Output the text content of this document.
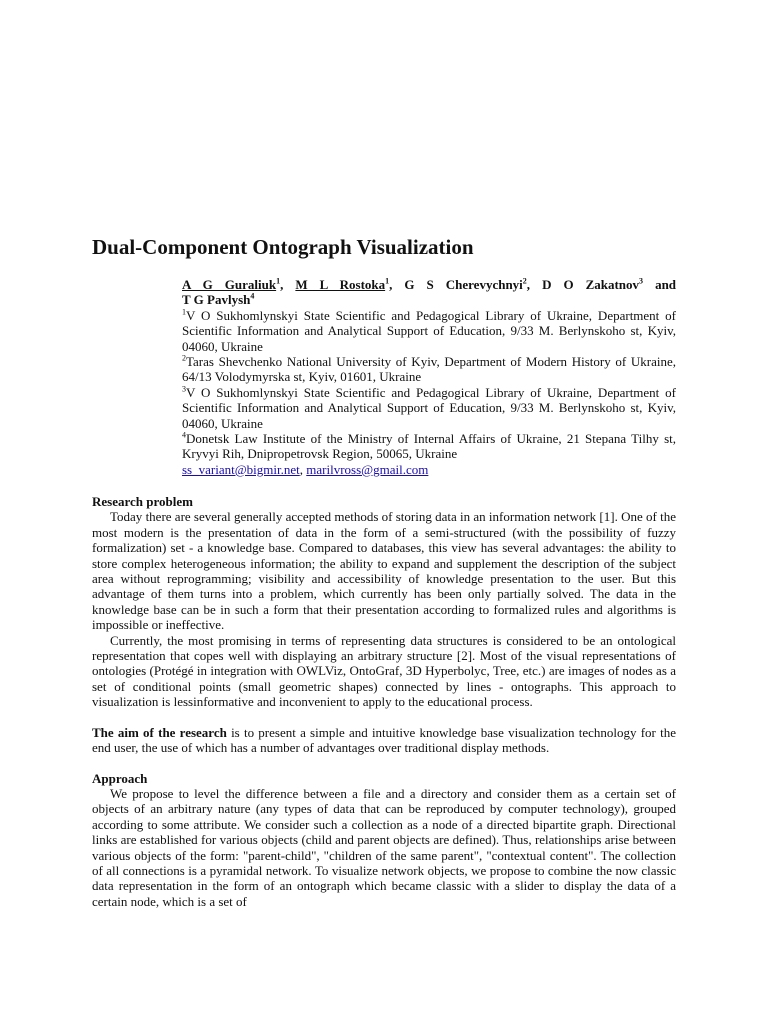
Dual-Component Ontograph Visualization
A G Guraliuk$^1$, M L Rostoka$^1$, G S Cherevychnyi$^2$, D O Zakatnov$^3$ and
T G Pavlysh$^4$
$^1$V O Sukhomlynskyi State Scientific and Pedagogical Library of Ukraine, Department of Scientific Information and Analytical Support of Education, 9/33 M. Berlynskoho st, Kyiv, 04060, Ukraine
$^2$Taras Shevchenko National University of Kyiv, Department of Modern History of Ukraine, 64/13 Volodymyrska st, Kyiv, 01601, Ukraine
$^3$V O Sukhomlynskyi State Scientific and Pedagogical Library of Ukraine, Department of Scientific Information and Analytical Support of Education, 9/33 M. Berlynskoho st, Kyiv, 04060, Ukraine
$^4$Donetsk Law Institute of the Ministry of Internal Affairs of Ukraine, 21 Stepana Tilhy st, Kryvyi Rih, Dnipropetrovsk Region, 50065, Ukraine
ss_variant@bigmir.net, marilvross@gmail.com

Research problem

Today there are several generally accepted methods of storing data in an information network [1]. One of the most modern is the presentation of data in the form of a semi-structured (with the possibility of fuzzy formalization) set - a knowledge base. Compared to databases, this view has several advantages: the ability to store complex heterogeneous information; the ability to expand and supplement the description of the subject area without reprogramming; visibility and accessibility of knowledge presentation to the user. But this advantage of them turns into a problem, which currently has been only partially solved. The data in the knowledge base can be in such a form that their presentation according to formalized rules and algorithms is impossible or ineffective.

Currently, the most promising in terms of representing data structures is considered to be an ontological representation that copes well with displaying an arbitrary structure [2]. Most of the visual representations of ontologies (Protégé in integration with OWLViz, OntoGraf, 3D Hyperbolyc, Tree, etc.) are images of nodes as a set of conditional points (small geometric shapes) connected by lines - ontographs. This approach to visualization is lessinformative and inconvenient to apply to the educational process.

The aim of the research is to present a simple and intuitive knowledge base visualization technology for the end user, the use of which has a number of advantages over traditional display methods.

Approach

We propose to level the difference between a file and a directory and consider them as a certain set of objects of an arbitrary nature (any types of data that can be reproduced by computer technology), grouped according to some attribute. We consider such a collection as a node of a directed bipartite graph. Directional links are established for various objects (child and parent objects are defined). Thus, relationships arise between various objects of the form: "parent-child", "children of the same parent", "contextual content". The collection of all connections is a pyramidal network. To visualize network objects, we propose to combine the now classic data representation in the form of an ontograph which became classic with a slider to display the data of a certain node, which is a set of
